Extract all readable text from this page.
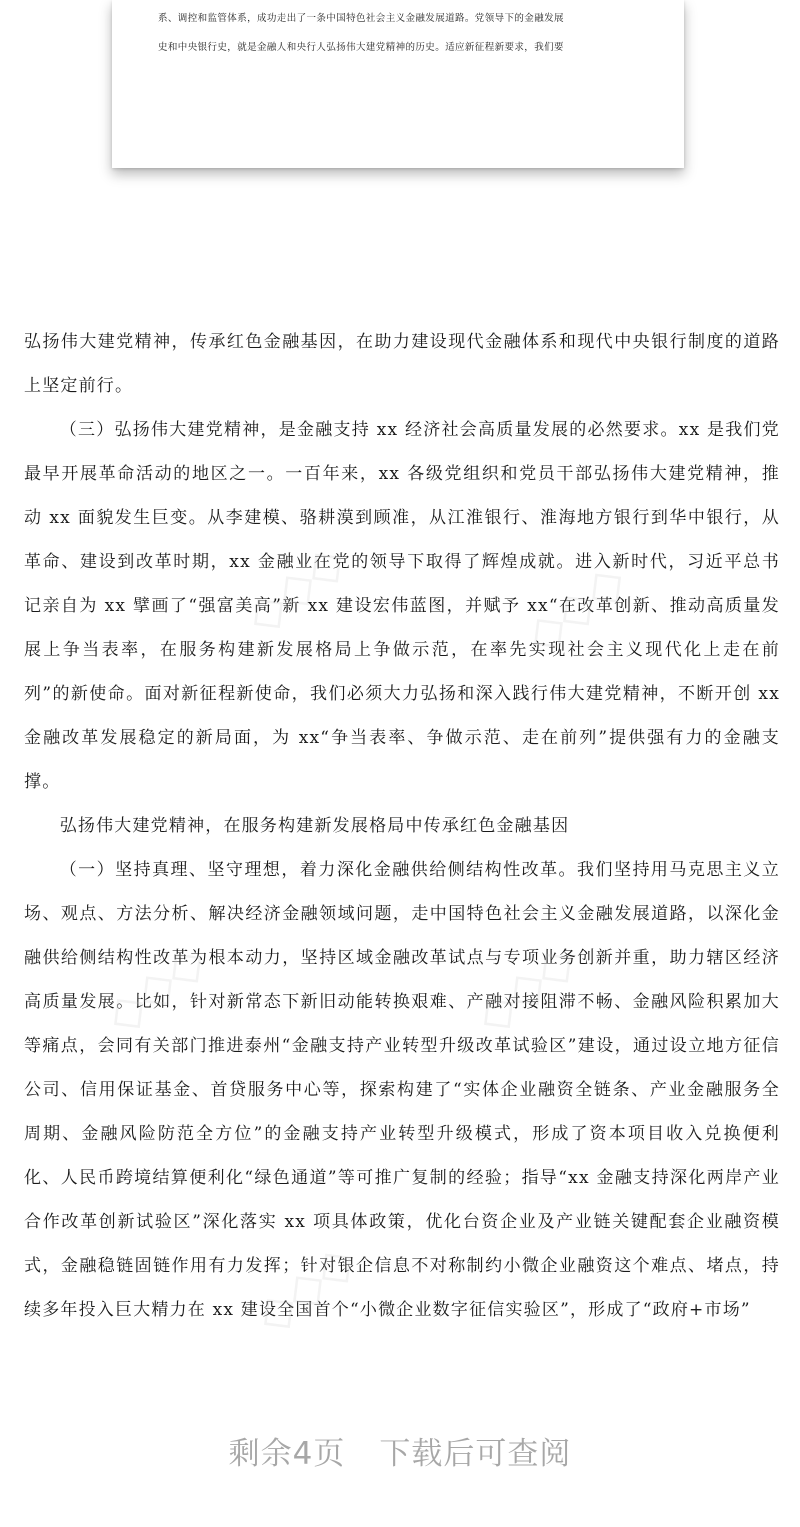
系、调控和监管体系，成功走出了一条中国特色社会主义金融发展道路。党领导下的金融发展
史和中央银行史，就是金融人和央行人弘扬伟大建党精神的历史。适应新征程新要求，我们要

弘扬伟大建党精神，传承红色金融基因，在助力建设现代金融体系和现代中央银行制度的道路上坚定前行。

（三）弘扬伟大建党精神，是金融支持 xx 经济社会高质量发展的必然要求。xx 是我们党最早开展革命活动的地区之一。一百年来，xx 各级党组织和党员干部弘扬伟大建党精神，推动 xx 面貌发生巨变。从李建模、骆耕漠到顾准，从江淮银行、淮海地方银行到华中银行，从革命、建设到改革时期，xx 金融业在党的领导下取得了辉煌成就。进入新时代，习近平总书记亲自为 xx 擘画了“强富美高”新 xx 建设宏伟蓝图，并赋予 xx“在改革创新、推动高质量发展上争当表率，在服务构建新发展格局上争做示范，在率先实现社会主义现代化上走在前列”的新使命。面对新征程新使命，我们必须大力弘扬和深入践行伟大建党精神，不断开创 xx 金融改革发展稳定的新局面，为 xx“争当表率、争做示范、走在前列”提供强有力的金融支撑。

弘扬伟大建党精神，在服务构建新发展格局中传承红色金融基因

（一）坚持真理、坚守理想，着力深化金融供给侧结构性改革。我们坚持用马克思主义立场、观点、方法分析、解决经济金融领域问题，走中国特色社会主义金融发展道路，以深化金融供给侧结构性改革为根本动力，坚持区域金融改革试点与专项业务创新并重，助力辖区经济高质量发展。比如，针对新常态下新旧动能转换艰难、产融对接阻滞不畅、金融风险积累加大等痛点，会同有关部门推进泰州“金融支持产业转型升级改革试验区”建设，通过设立地方征信公司、信用保证基金、首贷服务中心等，探索构建了“实体企业融资全链条、产业金融服务全周期、金融风险防范全方位”的金融支持产业转型升级模式，形成了资本项目收入兑换便利化、人民币跨境结算便利化“绿色通道”等可推广复制的经验；指导“xx 金融支持深化两岸产业合作改革创新试验区”深化落实 xx 项具体政策，优化台资企业及产业链关键配套企业融资模式，金融稳链固链作用有力发挥；针对银企信息不对称制约小微企业融资这个难点、堵点，持续多年投入巨大精力在 xx 建设全国首个“小微企业数字征信实验区”，形成了“政府+市场”

◇◇◇	◇◇◇
◇◇◇	◇◇◇
◇◇◇
剩余4页 下载后可查阅
